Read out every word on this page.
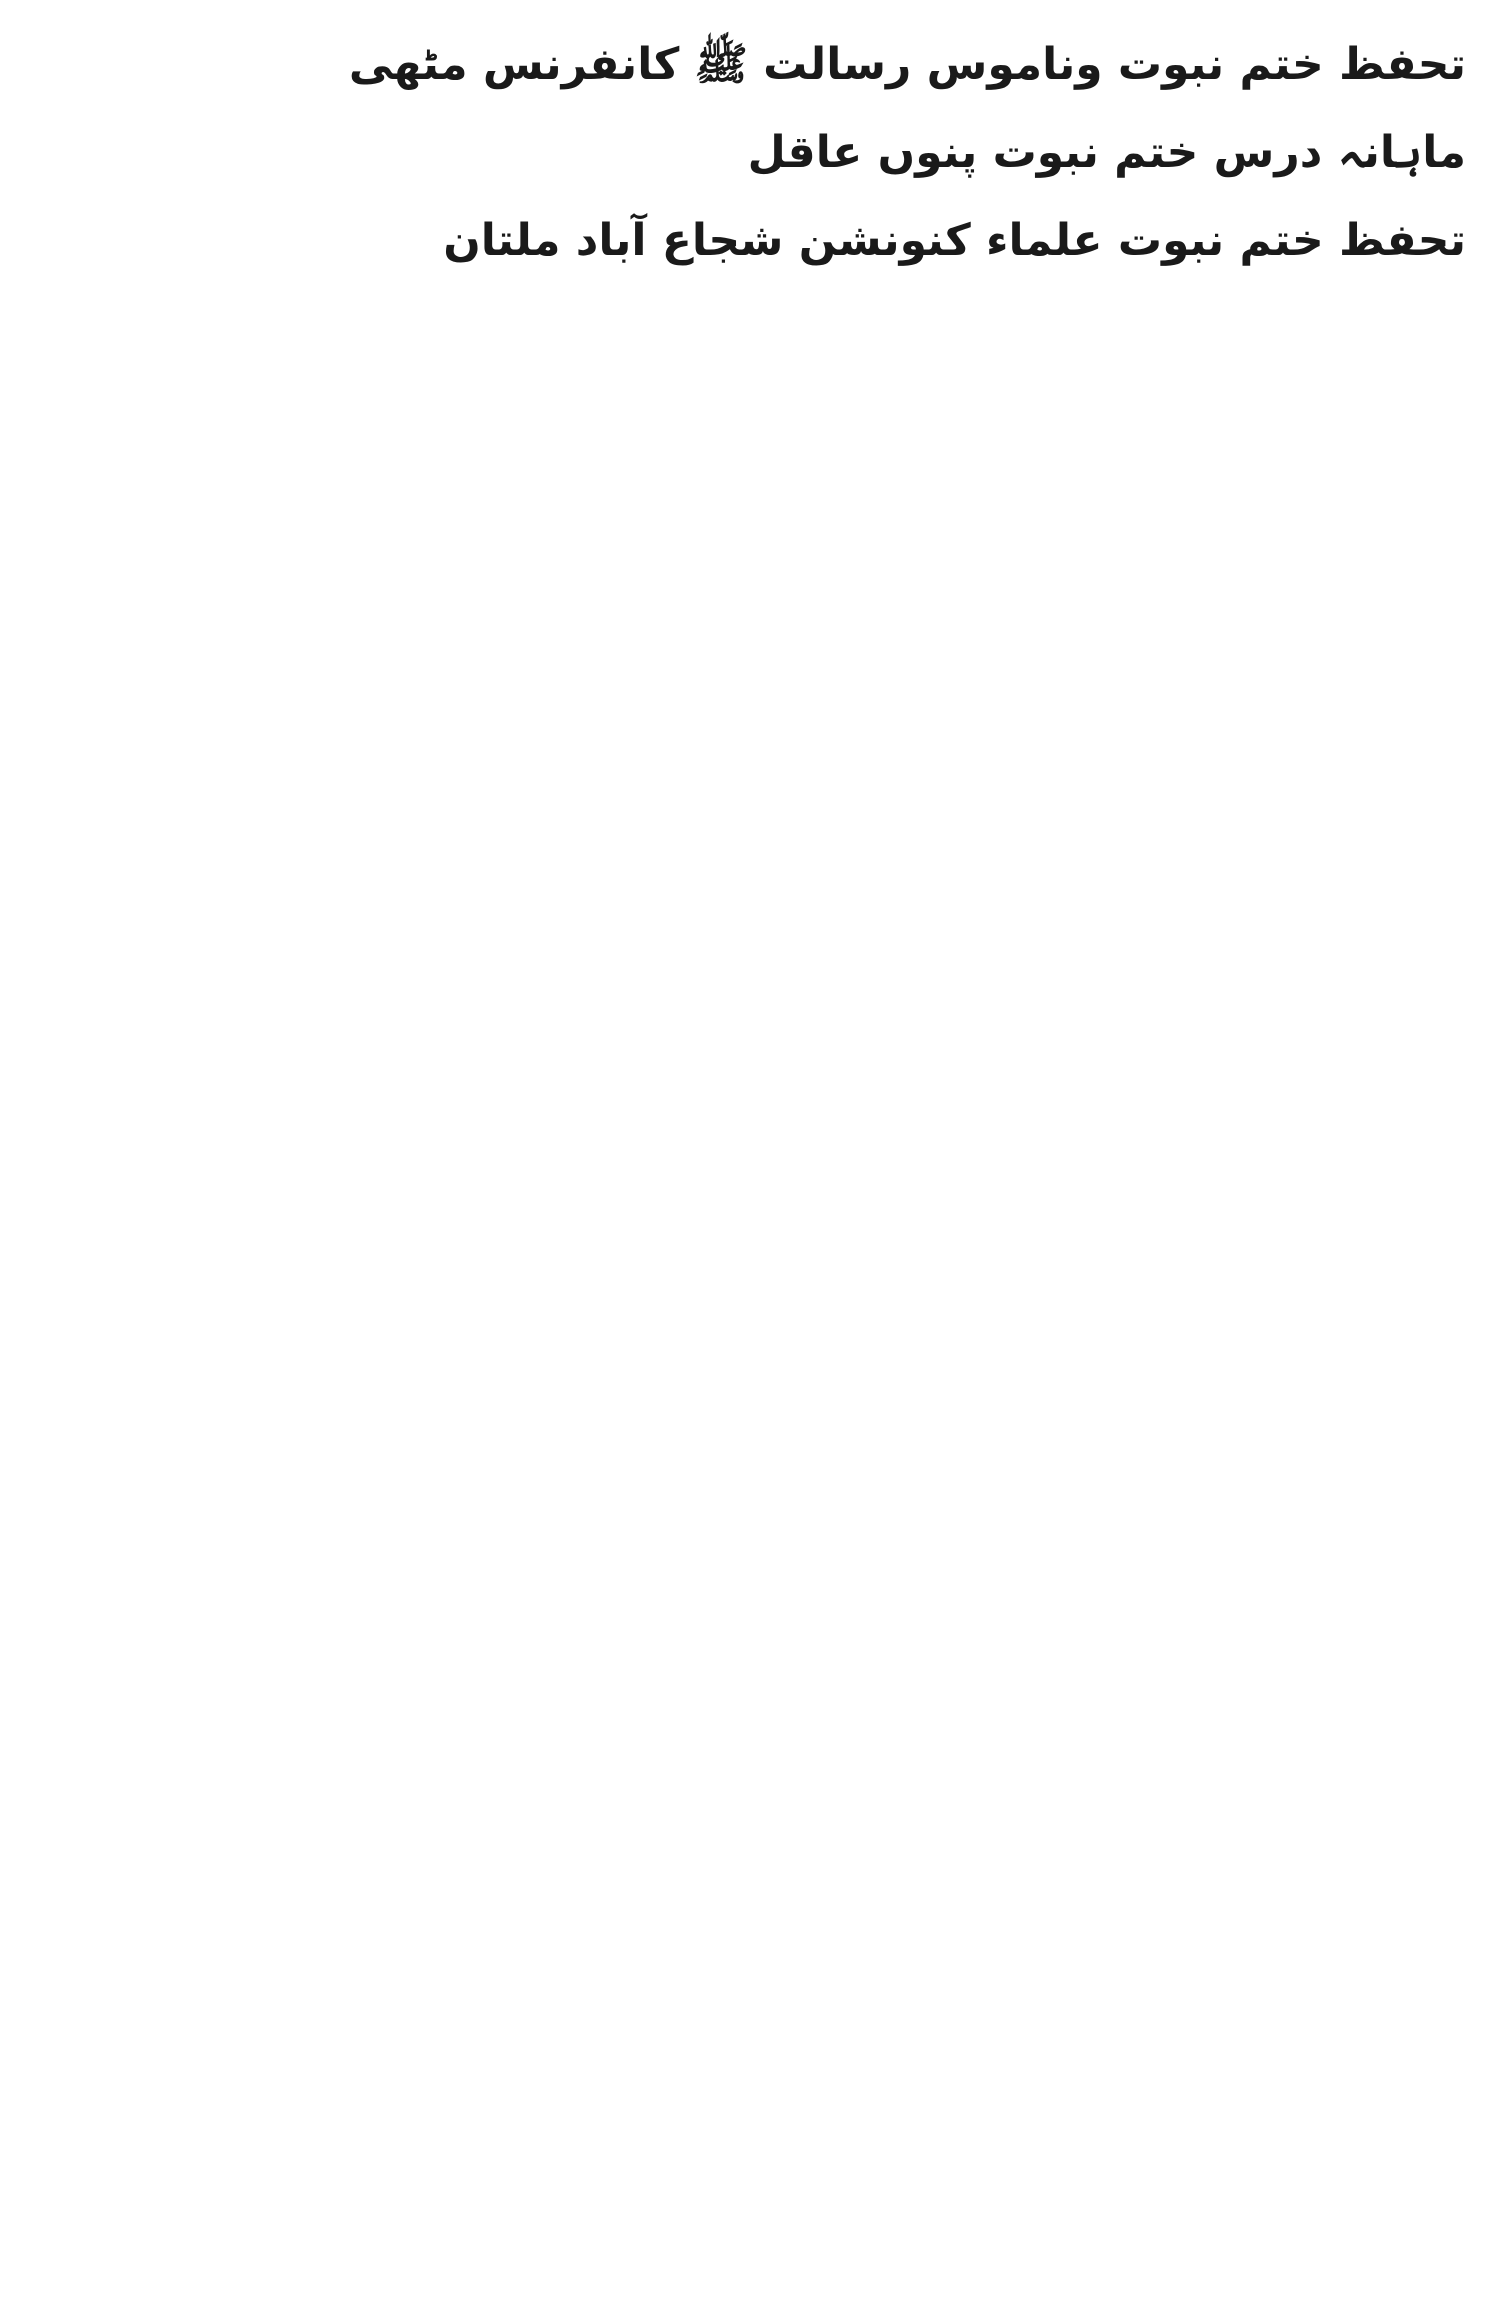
تحفظ ختم نبوت وناموس رسالت ﷺ کانفرنس مٹھی

ماہانہ درس ختم نبوت پنوں عاقل

تحفظ ختم نبوت علماء کنونشن شجاع آباد ملتان
